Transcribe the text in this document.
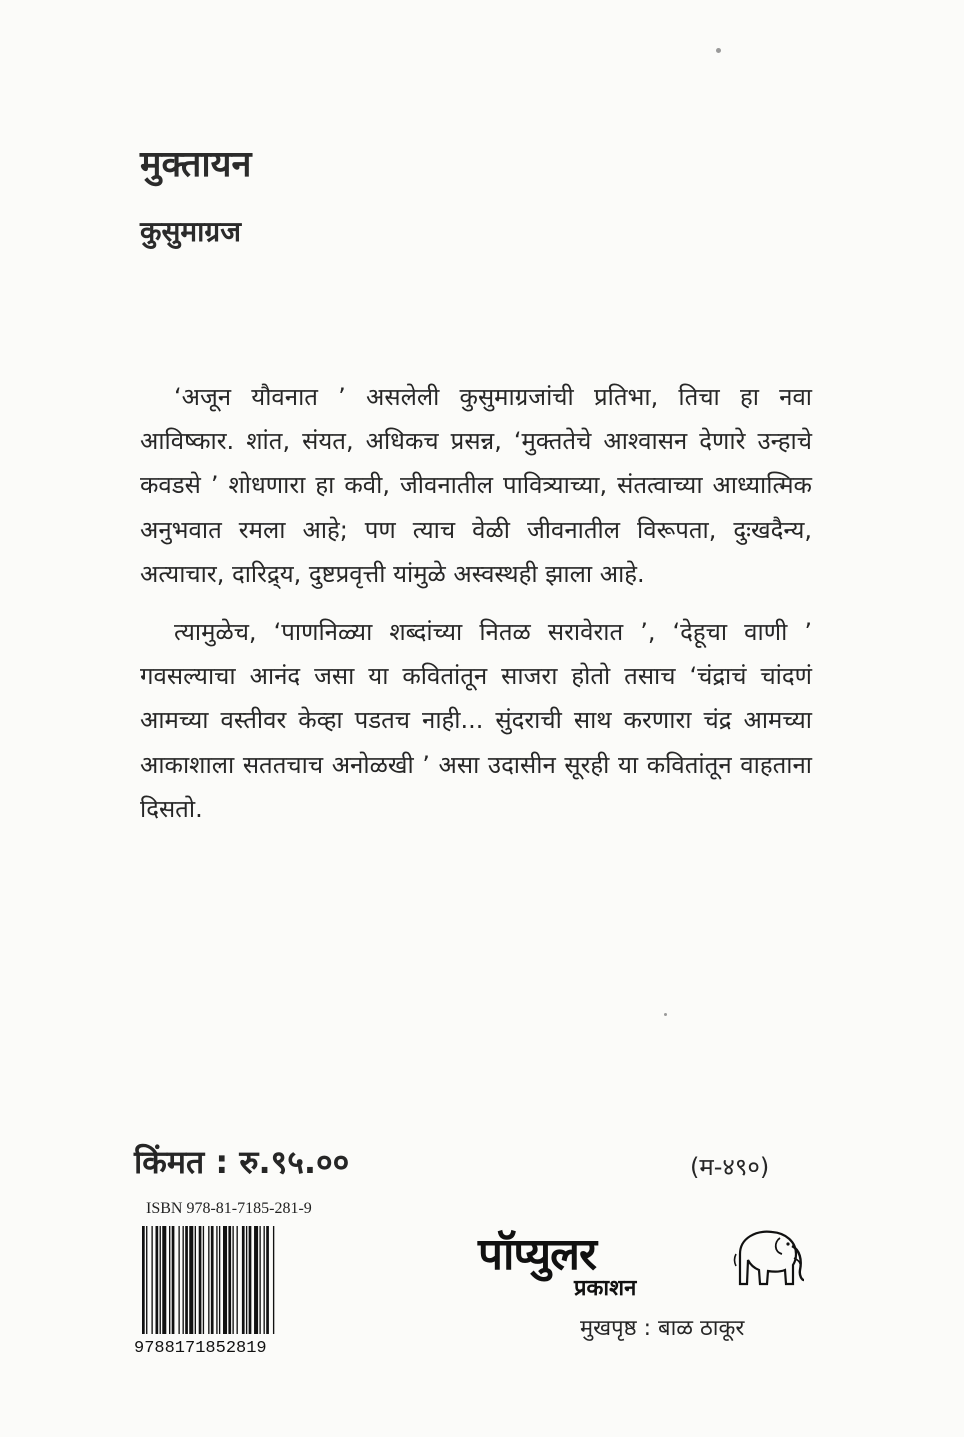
मुक्तायन
कुसुमाग्रज

‘अजून यौवनात ’ असलेली कुसुमाग्रजांची प्रतिभा, तिचा हा नवा आविष्कार. शांत, संयत, अधिकच प्रसन्न, ‘मुक्ततेचे आश्वासन देणारे उन्हाचे कवडसे ’ शोधणारा हा कवी, जीवनातील पावित्र्याच्या, संतत्वाच्या आध्यात्मिक अनुभवात रमला आहे; पण त्याच वेळी जीवनातील विरूपता, दुःखदैन्य, अत्याचार, दारिद्र्य, दुष्टप्रवृत्ती यांमुळे अस्वस्थही झाला आहे.

त्यामुळेच, ‘पाणनिळ्या शब्दांच्या नितळ सरावेरात ’, ‘देहूचा वाणी ’ गवसल्याचा आनंद जसा या कवितांतून साजरा होतो तसाच ‘चंद्राचं चांदणं आमच्या वस्तीवर केव्हा पडतच नाही... सुंदराची साथ करणारा चंद्र आमच्या आकाशाला सततचाच अनोळखी ’ असा उदासीन सूरही या कवितांतून वाहताना दिसतो.

किंमत : रु.९५.००	(म-४९०)
ISBN 978-81-7185-281-9
9788171852819
पॉप्युलर
प्रकाशन
मुखपृष्ठ : बाळ ठाकूर
